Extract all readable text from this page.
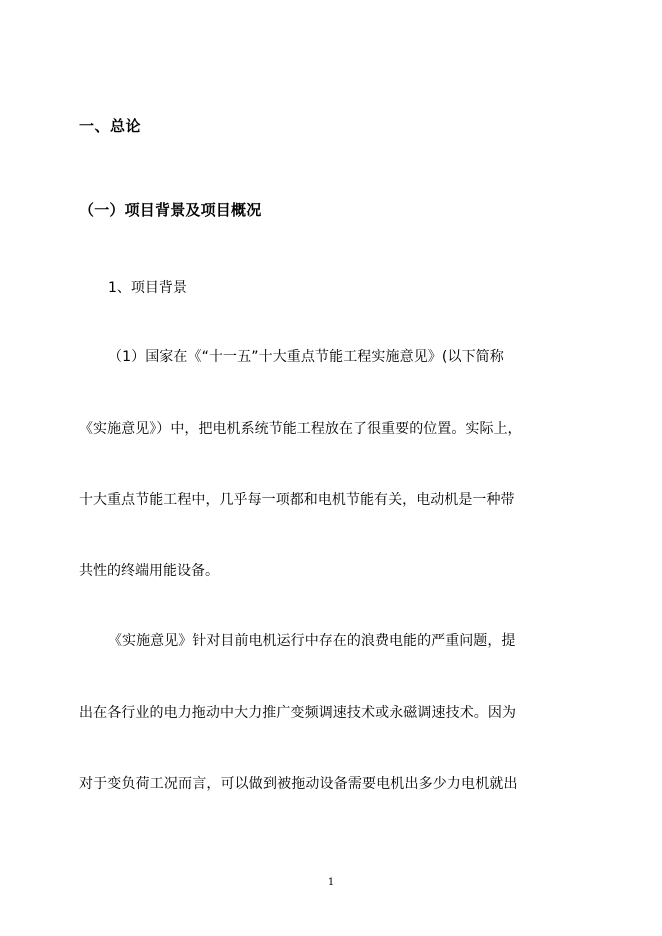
一、总论
（一）项目背景及项目概况
1、项目背景
（1）国家在《“十一五”十大重点节能工程实施意见》(以下简称
《实施意见》）中，把电机系统节能工程放在了很重要的位置。实际上，
十大重点节能工程中，几乎每一项都和电机节能有关，电动机是一种带
共性的终端用能设备。
《实施意见》针对目前电机运行中存在的浪费电能的严重问题，提
出在各行业的电力拖动中大力推广变频调速技术或永磁调速技术。因为
对于变负荷工况而言，可以做到被拖动设备需要电机出多少力电机就出
1
